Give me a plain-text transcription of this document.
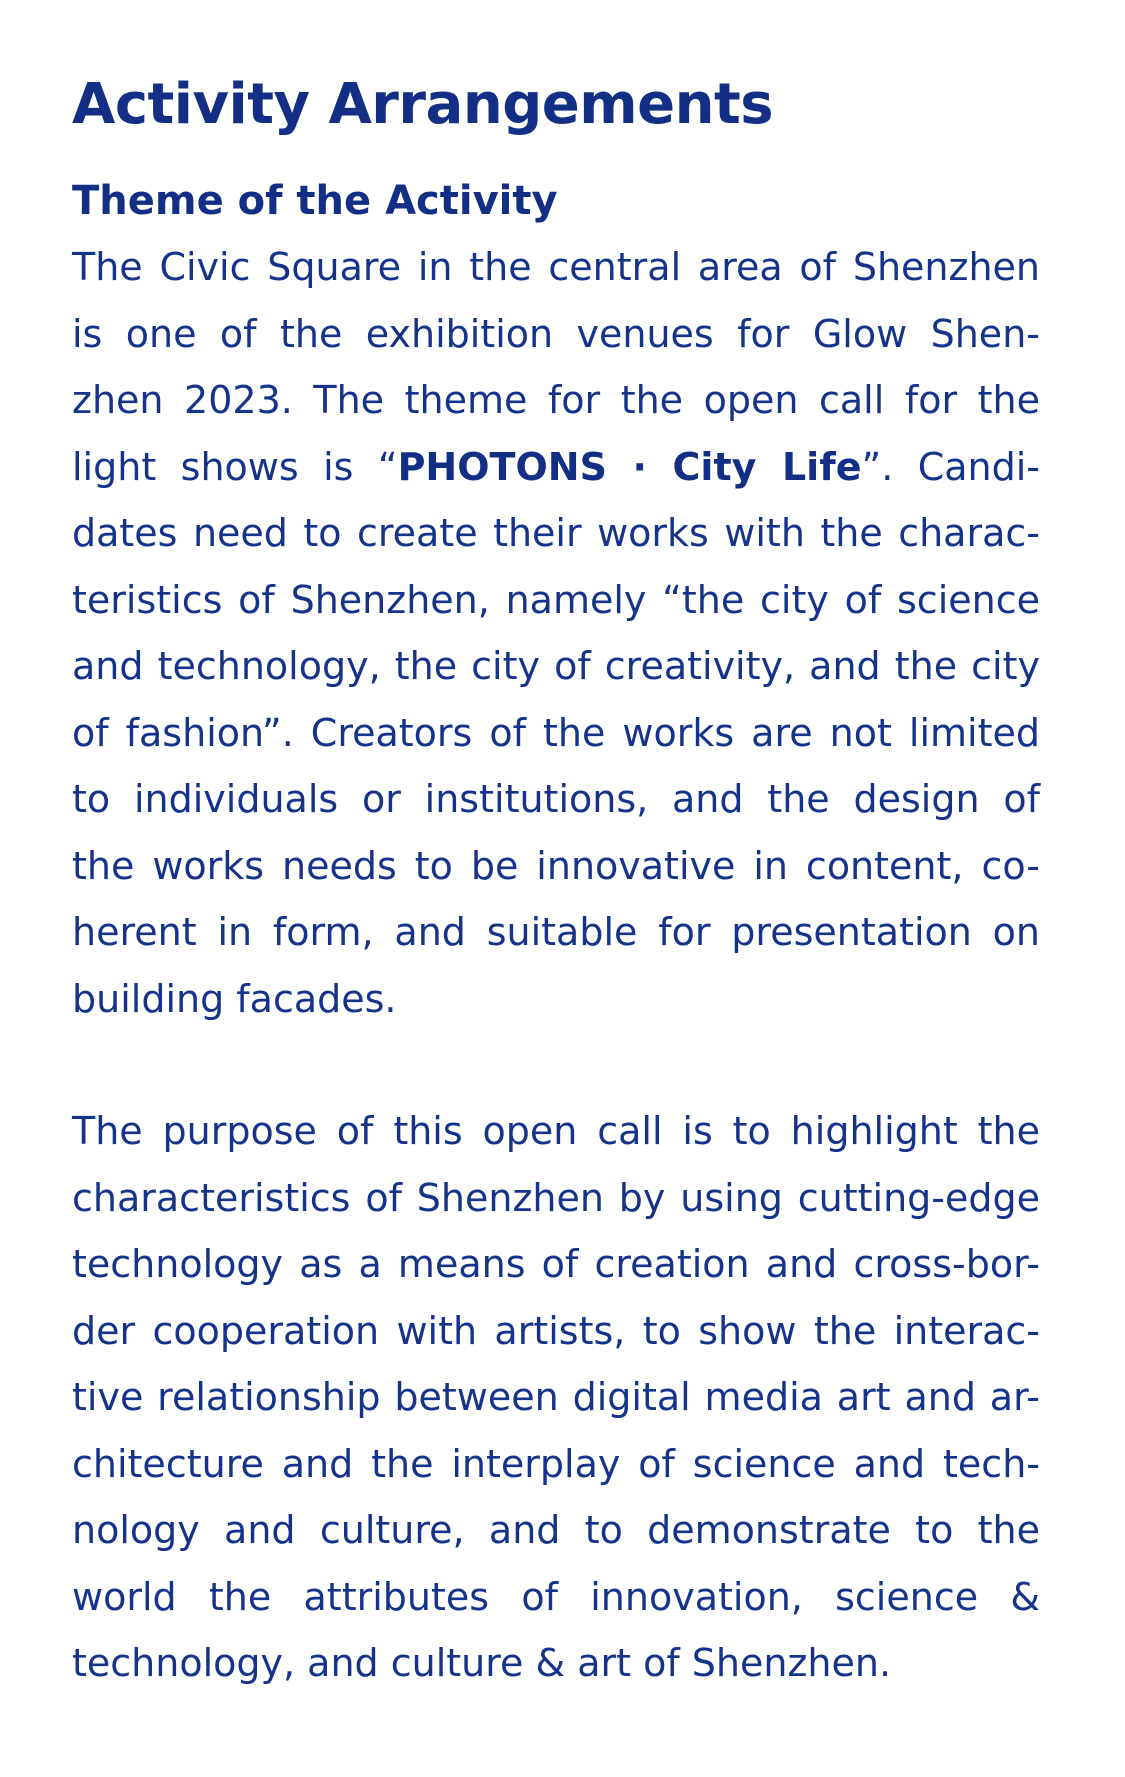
Activity Arrangements
Theme of the Activity

The Civic Square in the central area of Shenzhen
is one of the exhibition venues for Glow Shen-
zhen 2023. The theme for the open call for the
light shows is “PHOTONS · City Life”. Candi-
dates need to create their works with the charac-
teristics of Shenzhen, namely “the city of science
and technology, the city of creativity, and the city
of fashion”. Creators of the works are not limited
to individuals or institutions, and the design of
the works needs to be innovative in content, co-
herent in form, and suitable for presentation on
building facades.

The purpose of this open call is to highlight the
characteristics of Shenzhen by using cutting-edge
technology as a means of creation and cross-bor-
der cooperation with artists, to show the interac-
tive relationship between digital media art and ar-
chitecture and the interplay of science and tech-
nology and culture, and to demonstrate to the
world the attributes of innovation, science &
technology, and culture & art of Shenzhen.
